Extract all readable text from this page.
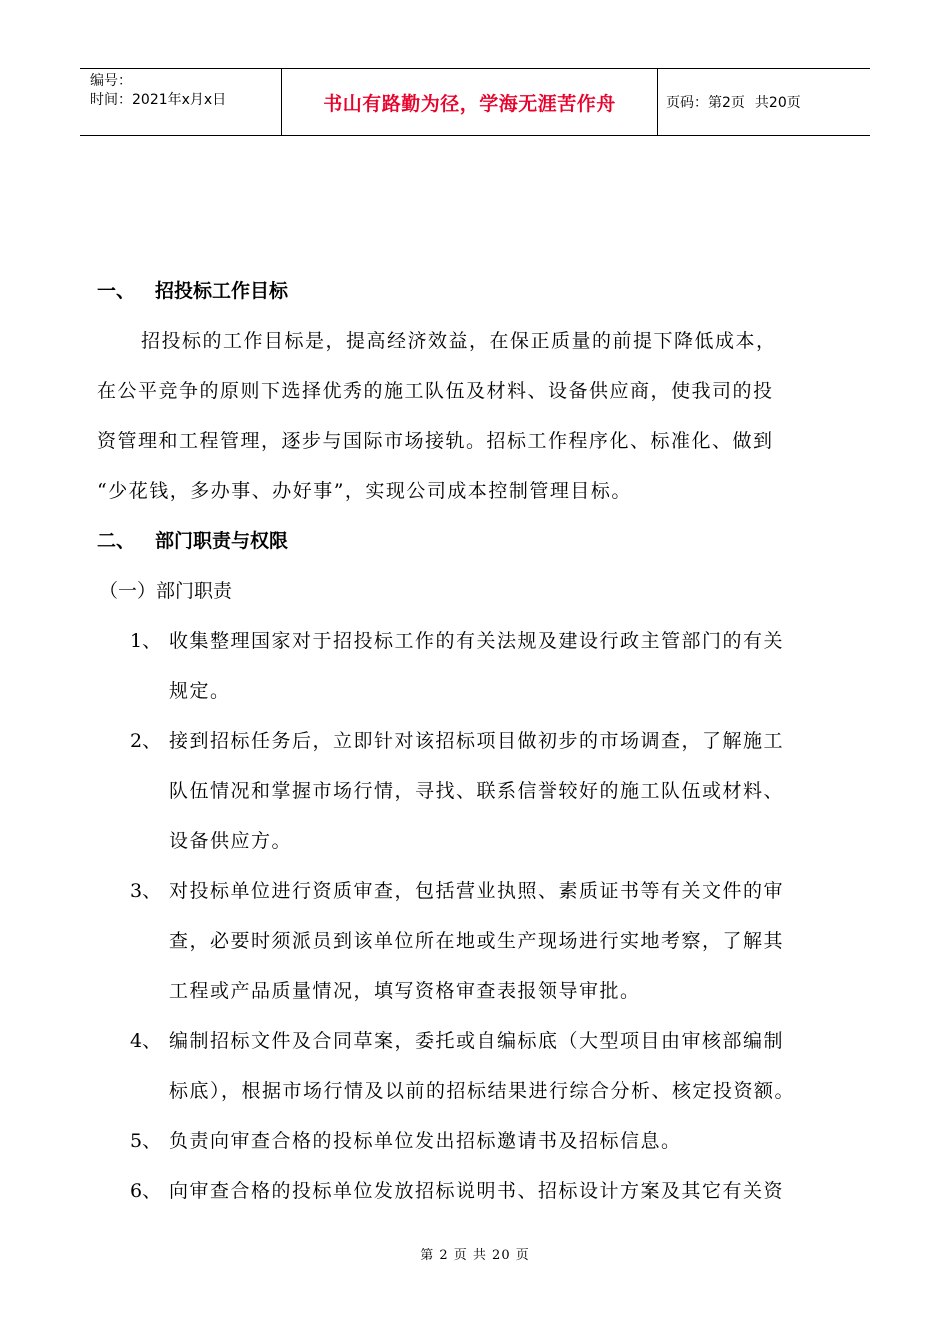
编号：
时间：2021年x月x日	书山有路勤为径，学海无涯苦作舟	页码：第2页 共20页
一、 招投标工作目标
招投标的工作目标是，提高经济效益，在保正质量的前提下降低成本，
在公平竞争的原则下选择优秀的施工队伍及材料、设备供应商，使我司的投
资管理和工程管理，逐步与国际市场接轨。招标工作程序化、标准化、做到
“少花钱，多办事、办好事”，实现公司成本控制管理目标。
二、 部门职责与权限
（一）部门职责
1、 收集整理国家对于招投标工作的有关法规及建设行政主管部门的有关
规定。
2、 接到招标任务后，立即针对该招标项目做初步的市场调查，了解施工
队伍情况和掌握市场行情，寻找、联系信誉较好的施工队伍或材料、
设备供应方。
3、 对投标单位进行资质审查，包括营业执照、素质证书等有关文件的审
查，必要时须派员到该单位所在地或生产现场进行实地考察，了解其
工程或产品质量情况，填写资格审查表报领导审批。
4、 编制招标文件及合同草案，委托或自编标底（大型项目由审核部编制
标底），根据市场行情及以前的招标结果进行综合分析、核定投资额。
5、 负责向审查合格的投标单位发出招标邀请书及招标信息。
6、 向审查合格的投标单位发放招标说明书、招标设计方案及其它有关资
第 2 页 共 20 页
